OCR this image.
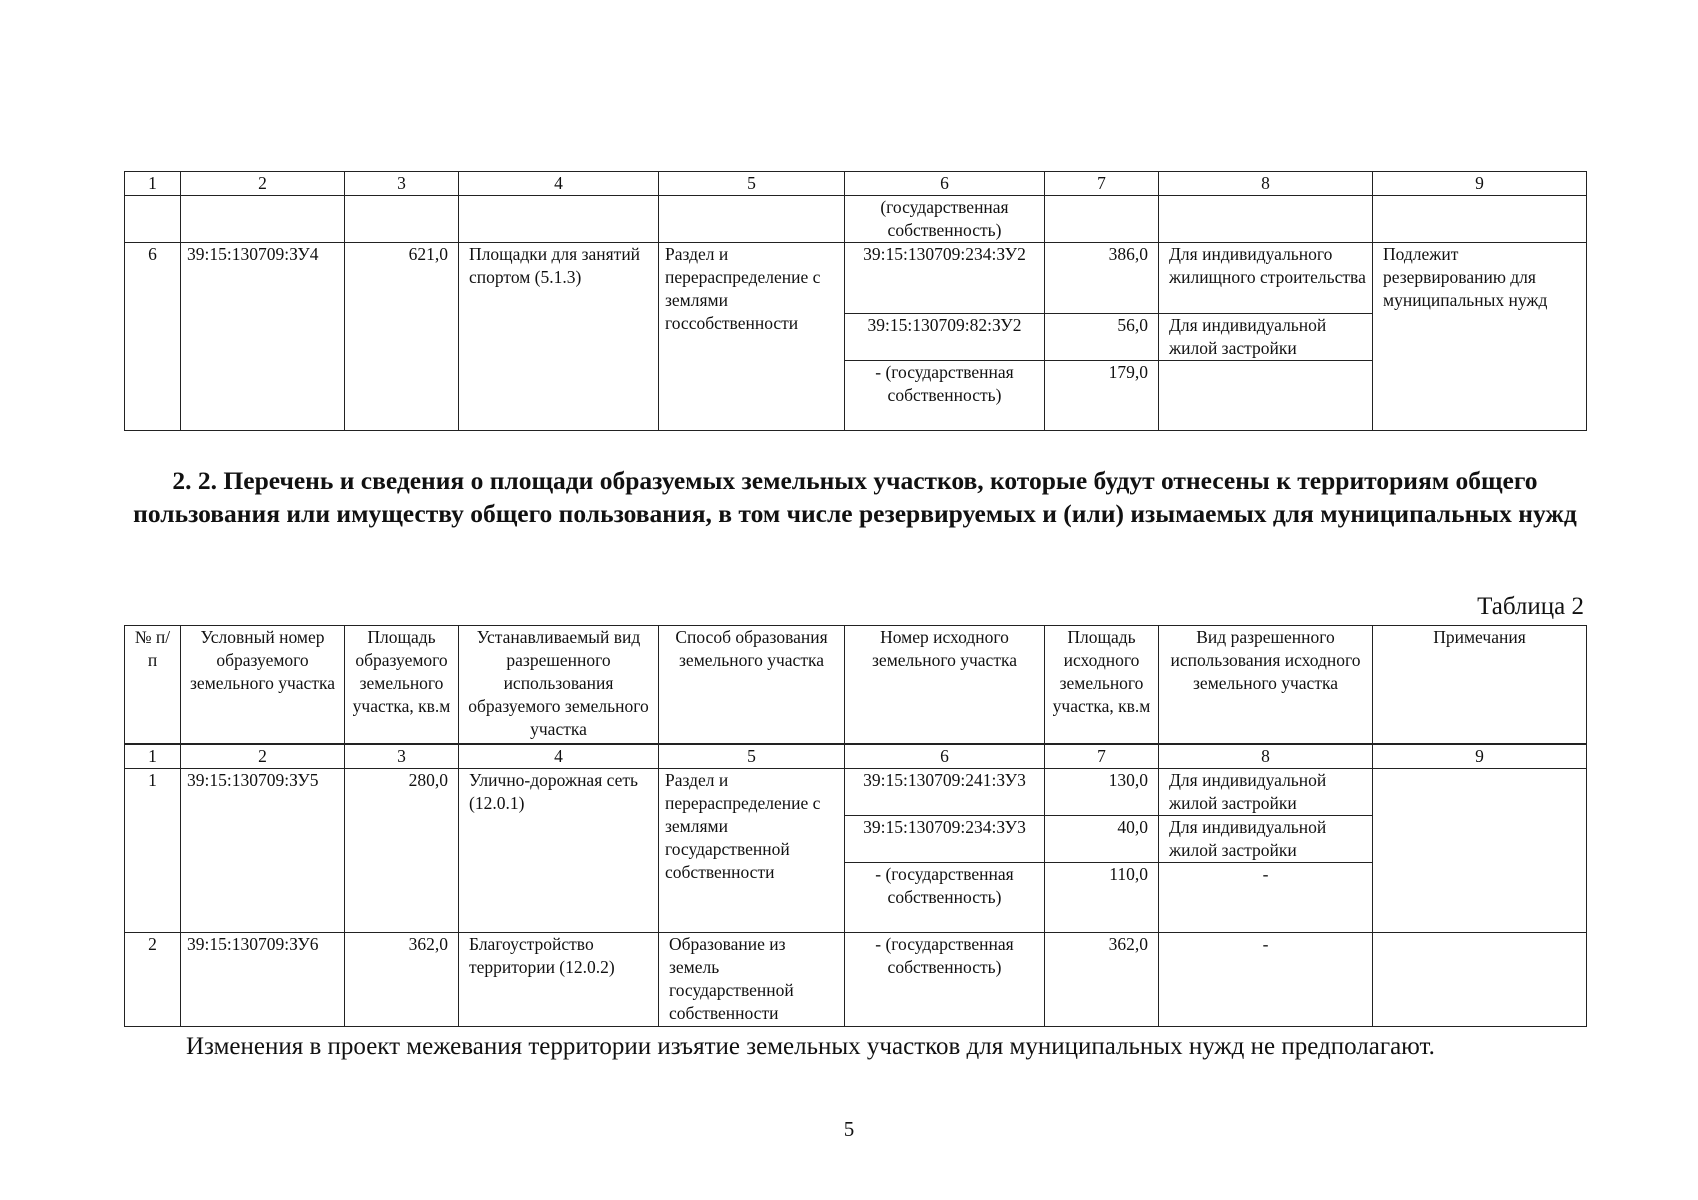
1	2	3	4	5	6	7	8	9
					(государственная собственность)			
6	39:15:130709:ЗУ4	621,0	Площадки для занятий спортом (5.1.3)	Раздел и перераспределение с землями госсобственности	39:15:130709:234:ЗУ2	386,0	Для индивидуального жилищного строительства	Подлежит резервированию для муниципальных нужд
					39:15:130709:82:ЗУ2	56,0	Для индивидуальной жилой застройки	
					- (государственная собственность)	179,0		
2. 2. Перечень и сведения о площади образуемых земельных участков, которые будут отнесены к территориям общего пользования или имуществу общего пользования, в том числе резервируемых и (или) изымаемых для муниципальных нужд
Таблица 2
№ п/п	Условный номер образуемого земельного участка	Площадь образуемого земельного участка, кв.м	Устанавливаемый вид разрешенного использования образуемого земельного участка	Способ образования земельного участка	Номер исходного земельного участка	Площадь исходного земельного участка, кв.м	Вид разрешенного использования исходного земельного участка	Примечания
1	2	3	4	5	6	7	8	9
1	39:15:130709:ЗУ5	280,0	Улично-дорожная сеть (12.0.1)	Раздел и перераспределение с землями государственной собственности	39:15:130709:241:ЗУ3	130,0	Для индивидуальной жилой застройки	
					39:15:130709:234:ЗУ3	40,0	Для индивидуальной жилой застройки	
					- (государственная собственность)	110,0	-	
2	39:15:130709:ЗУ6	362,0	Благоустройство территории (12.0.2)	Образование из земель государственной собственности	- (государственная собственность)	362,0	-	
Изменения в проект межевания территории изъятие земельных участков для муниципальных нужд не предполагают.
5
